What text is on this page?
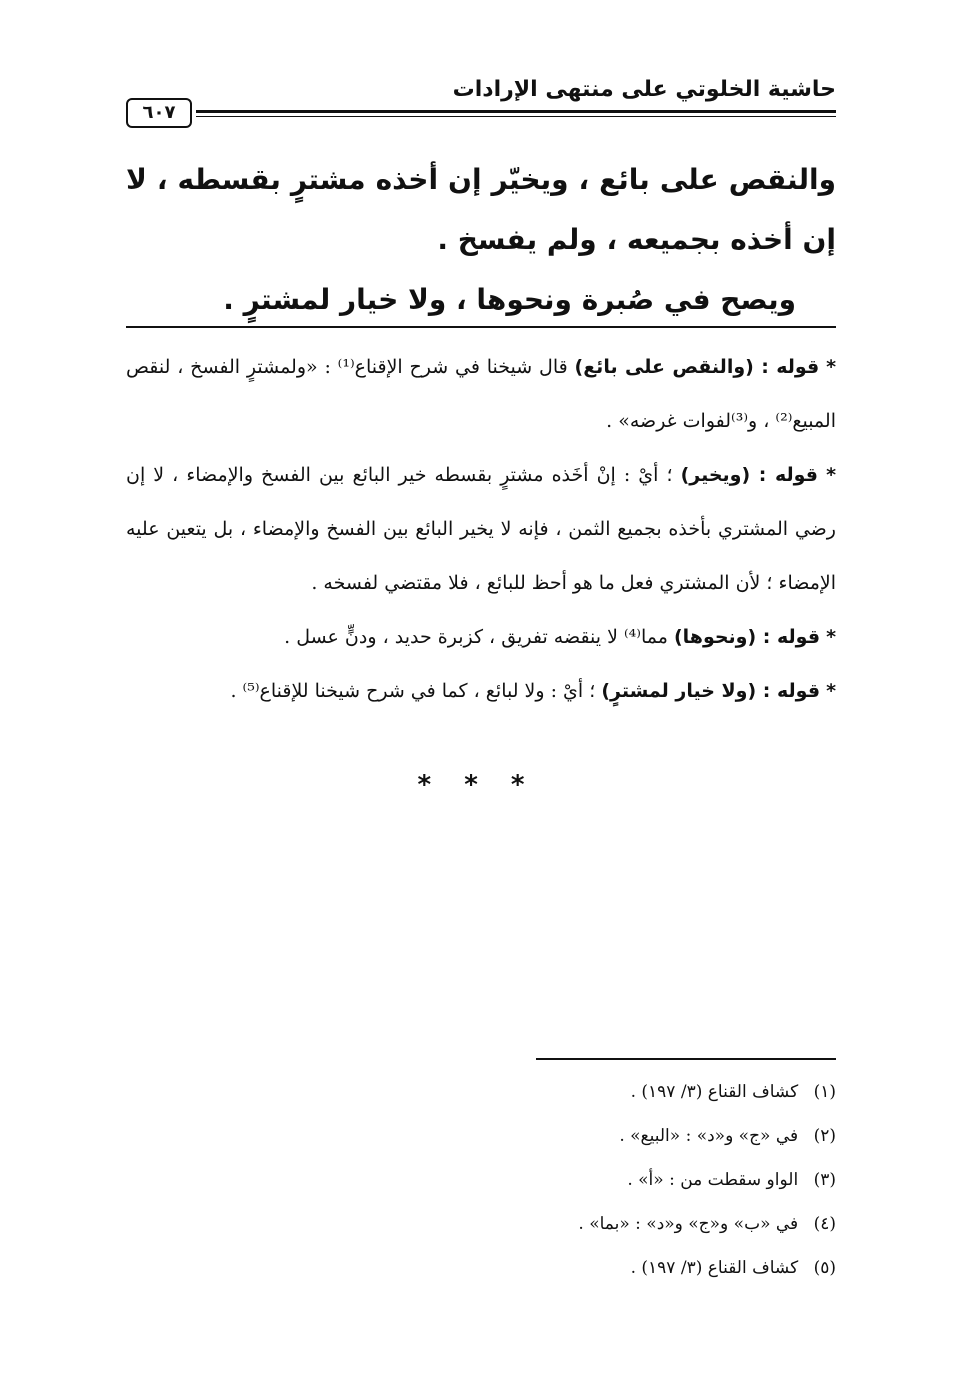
حاشية الخلوتي على منتهى الإرادات
٦٠٧

والنقص على بائع ، ويخيّر إن أخذه مشترٍ بقسطه ، لا إن أخذه بجميعه ، ولم يفسخ .

ويصح في صُبرة ونحوها ، ولا خيار لمشترٍ .

* قوله : (والنقص على بائع) قال شيخنا في شرح الإقناع⁽¹⁾ : «ولمشترٍ الفسخ ، لنقص المبيع⁽²⁾ ، و⁽³⁾لفوات غرضه» .

* قوله : (ويخير) ؛ أيْ : إنْ أخَذه مشترٍ بقسطه خير البائع بين الفسخ والإمضاء ، لا إن رضي المشتري بأخذه بجميع الثمن ، فإنه لا يخير البائع بين الفسخ والإمضاء ، بل يتعين عليه الإمضاء ؛ لأن المشتري فعل ما هو أحظ للبائع ، فلا مقتضي لفسخه .

* قوله : (ونحوها) مما⁽⁴⁾ لا ينقضه تفريق ، كزبرة حديد ، ودنٍّ عسل .

* قوله : (ولا خيار لمشترٍ) ؛ أيْ : ولا لبائع ، كما في شرح شيخنا للإقناع⁽⁵⁾ .

* * *
(١) كشاف القناع (٣/ ١٩٧) .
(٢) في «ج» و«د» : «البيع» .
(٣) الواو سقطت من : «أ» .
(٤) في «ب» و«ج» و«د» : «بما» .
(٥) كشاف القناع (٣/ ١٩٧) .
